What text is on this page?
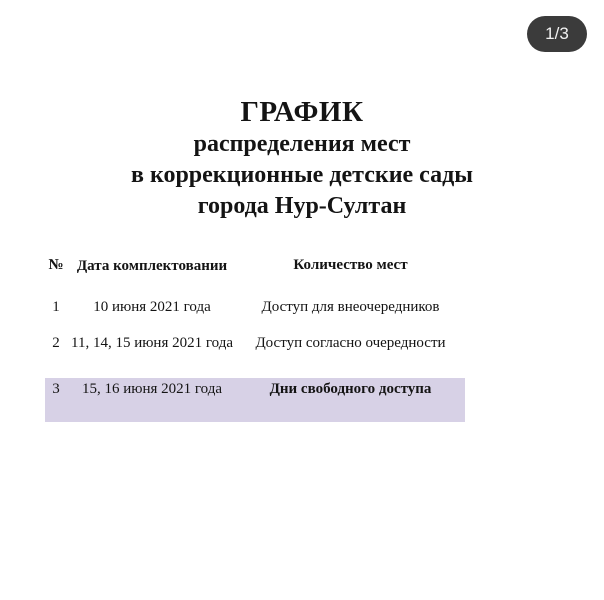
1/3
ГРАФИК
распределения мест
в коррекционные детские сады
города Нур-Султан
№ Дата комплектовании	Количество мест
1	10 июня 2021 года	Доступ для внеочередников
2 11, 14, 15 июня 2021 года	Доступ согласно очередности
3	15, 16 июня 2021 года	Дни свободного доступа
